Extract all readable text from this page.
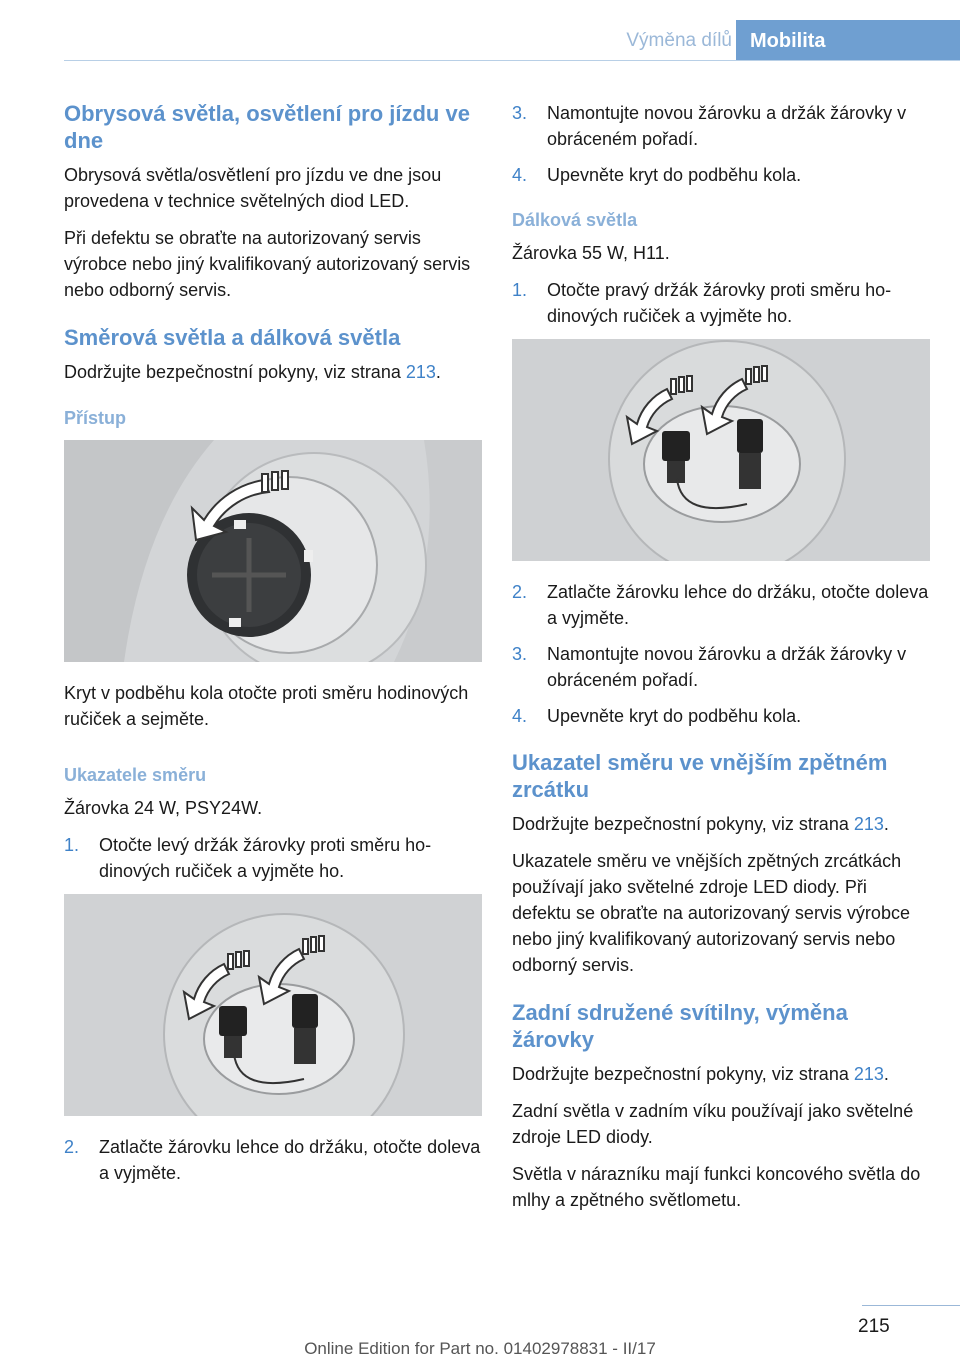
Výměna dílů Mobilita
Obrysová světla, osvětlení pro jízdu ve dne

Obrysová světla/osvětlení pro jízdu ve dne jsou provedena v technice světelných diod LED.

Při defektu se obraťte na autorizovaný servis výrobce nebo jiný kvalifikovaný autorizovaný servis nebo odborný servis.

Směrová světla a dálková světla

Dodržujte bezpečnostní pokyny, viz strana 213.

Přístup

Kryt v podběhu kola otočte proti směru hodinových ručiček a sejměte.

Ukazatele směru

Žárovka 24 W, PSY24W.

1. Otočte levý držák žárovky proti směru hodinových ručiček a vyjměte ho.
2. Zatlačte žárovku lehce do držáku, otočte doleva a vyjměte.
3. Namontujte novou žárovku a držák žárovky v obráceném pořadí.
4. Upevněte kryt do podběhu kola.
Dálková světla

Žárovka 55 W, H11.

1. Otočte pravý držák žárovky proti směru hodinových ručiček a vyjměte ho.
2. Zatlačte žárovku lehce do držáku, otočte doleva a vyjměte.
3. Namontujte novou žárovku a držák žárovky v obráceném pořadí.
4. Upevněte kryt do podběhu kola.
Ukazatel směru ve vnějším zpětném zrcátku

Dodržujte bezpečnostní pokyny, viz strana 213.

Ukazatele směru ve vnějších zpětných zrcátkách používají jako světelné zdroje LED diody. Při defektu se obraťte na autorizovaný servis výrobce nebo jiný kvalifikovaný autorizovaný servis nebo odborný servis.

Zadní sdružené svítilny, výměna žárovky

Dodržujte bezpečnostní pokyny, viz strana 213.

Zadní světla v zadním víku používají jako světelné zdroje LED diody.

Světla v nárazníku mají funkci koncového světla do mlhy a zpětného světlometu.

215
Online Edition for Part no. 01402978831 - II/17
